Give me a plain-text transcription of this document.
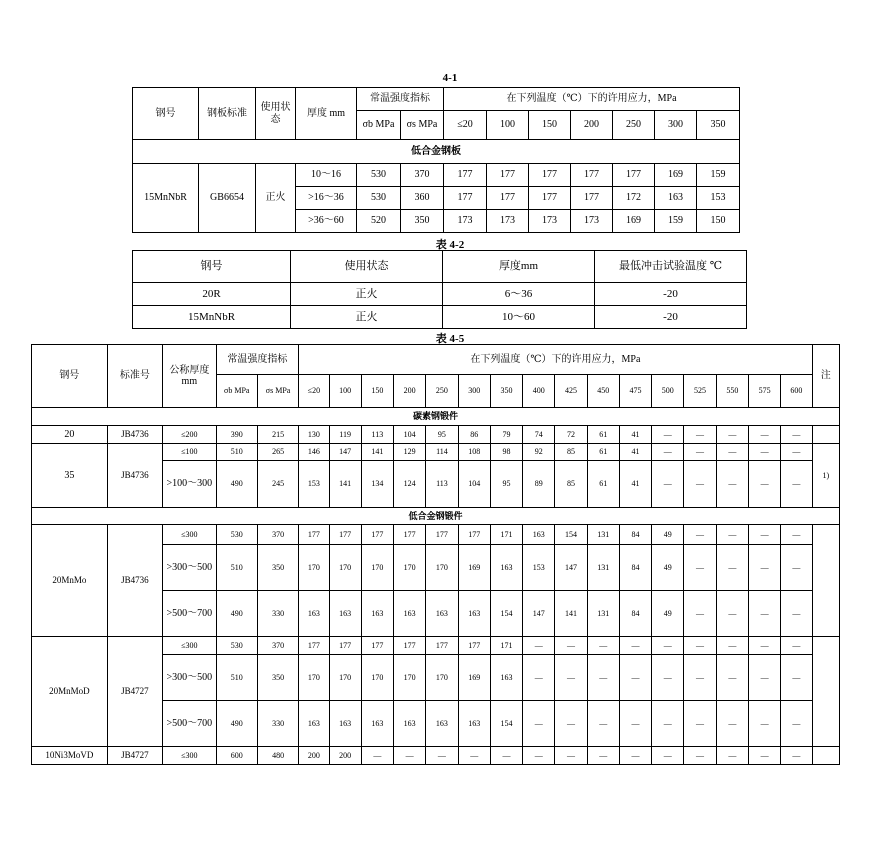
4-1
钢号	钢板标准	使用状态	厚度 mm	常温强度指标		在下列温度（℃）下的许用应力，MPa						
				σb MPa	σs MPa	≤20	100	150	200	250	300	350
低合金钢板												
15MnNbR	GB6654	正火	10～16	530	370	177	177	177	177	177	169	159
			>16～36	530	360	177	177	177	177	172	163	153
			>36～60	520	350	173	173	173	173	169	159	150
表 4-2
钢号	使用状态	厚度mm	最低冲击试验温度 ℃
20R	正火	6～36	-20
15MnNbR	正火	10～60	-20
表 4-5
钢号	标准号	公称厚度 mm	常温强度指标		在下列温度（℃）下的许用应力，MPa																注
			σb MPa	σs MPa	≤20	100	150	200	250	300	350	400	425	450	475	500	525	550	575	600	
碳素钢锻件																					
20	JB4736	≤200	390	215	130	119	113	104	95	86	79	74	72	61	41	—	—	—	—	—	
35	JB4736	≤100	510	265	146	147	141	129	114	108	98	92	85	61	41	—	—	—	—	—	1)
		>100～300	490	245	153	141	134	124	113	104	95	89	85	61	41	—	—	—	—	—	
低合金钢锻件																					
20MnMo	JB4736	≤300	530	370	177	177	177	177	177	177	171	163	154	131	84	49	—	—	—	—	
		>300～500	510	350	170	170	170	170	170	169	163	153	147	131	84	49	—	—	—	—	
		>500～700	490	330	163	163	163	163	163	163	154	147	141	131	84	49	—	—	—	—	
20MnMoD	JB4727	≤300	530	370	177	177	177	177	177	177	171	—	—	—	—	—	—	—	—	—	
		>300～500	510	350	170	170	170	170	170	169	163	—	—	—	—	—	—	—	—	—	
		>500～700	490	330	163	163	163	163	163	163	154	—	—	—	—	—	—	—	—	—	
10Ni3MoVD	JB4727	≤300	600	480	200	200	—	—	—	—	—	—	—	—	—	—	—	—	—	—	
